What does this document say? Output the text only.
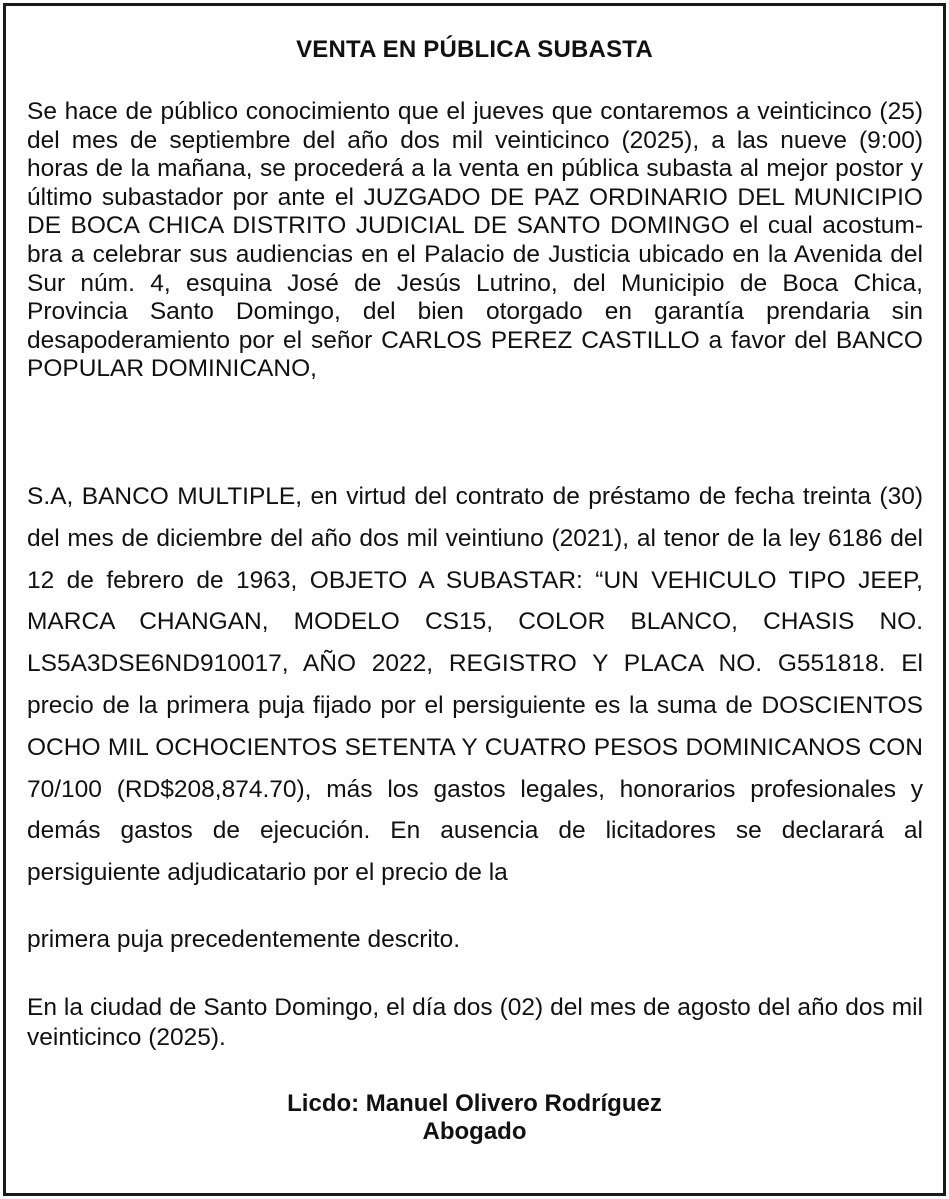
VENTA EN PÚBLICA SUBASTA

Se hace de público conocimiento que el jueves que contaremos a veinticinco (25) del mes de septiembre del año dos mil veinticinco (2025), a las nueve (9:00) horas de la mañana, se procederá a la venta en pública subasta al mejor postor y último subastador por ante el JUZGADO DE PAZ ORDINARIO DEL MUNICIPIO DE BOCA CHICA DISTRITO JUDICIAL DE SANTO DOMINGO el cual acostumbra a celebrar sus audiencias en el Palacio de Justicia ubicado en la Avenida del Sur núm. 4, esquina José de Jesús Lutrino, del Municipio de Boca Chica, Provincia Santo Domingo, del bien otorgado en garantía prendaria sin desapoderamiento por el señor CARLOS PEREZ CASTILLO a favor del BANCO POPULAR DOMINICANO,

S.A, BANCO MULTIPLE, en virtud del contrato de préstamo de fecha treinta (30) del mes de diciembre del año dos mil veintiuno (2021), al tenor de la ley 6186 del 12 de febrero de 1963, OBJETO A SUBASTAR: “UN VEHICULO TIPO JEEP, MARCA CHANGAN, MODELO CS15, COLOR BLANCO, CHASIS NO. LS5A3DSE6ND910017, AÑO 2022, REGISTRO Y PLACA NO. G551818. El precio de la primera puja fijado por el persiguiente es la suma de DOSCIENTOS OCHO MIL OCHOCIENTOS SETENTA Y CUATRO PESOS DOMINICANOS CON 70/100 (RD$208,874.70), más los gastos legales, honorarios profesionales y demás gastos de ejecución. En ausencia de licitadores se declarará al persiguiente adjudicatario por el precio de la

primera puja precedentemente descrito.

En la ciudad de Santo Domingo, el día dos (02) del mes de agosto del año dos mil veinticinco (2025).

Licdo: Manuel Olivero Rodríguez
Abogado
